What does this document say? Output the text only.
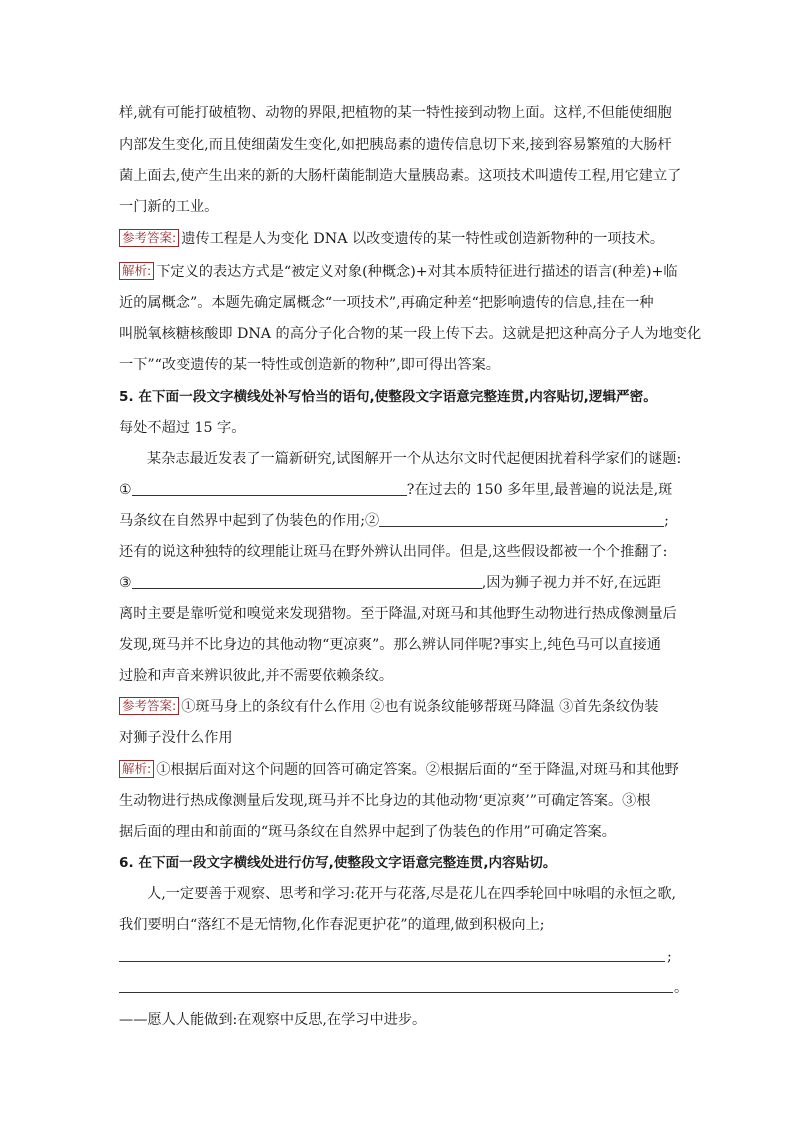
样,就有可能打破植物、动物的界限,把植物的某一特性接到动物上面。这样,不但能使细胞
内部发生变化,而且使细菌发生变化,如把胰岛素的遗传信息切下来,接到容易繁殖的大肠杆
菌上面去,使产生出来的新的大肠杆菌能制造大量胰岛素。这项技术叫遗传工程,用它建立了
一门新的工业。
参考答案: 遗传工程是人为变化 DNA 以改变遗传的某一特性或创造新物种的一项技术。
解析: 下定义的表达方式是“被定义对象(种概念)+对其本质特征进行描述的语言(种差)+临
近的属概念”。本题先确定属概念“一项技术”,再确定种差“把影响遗传的信息,挂在一种
叫脱氧核糖核酸即 DNA 的高分子化合物的某一段上传下去。这就是把这种高分子人为地变化
一下”“改变遗传的某一特性或创造新的物种”,即可得出答案。
5. 在下面一段文字横线处补写恰当的语句,使整段文字语意完整连贯,内容贴切,逻辑严密。
每处不超过 15 字。
某杂志最近发表了一篇新研究,试图解开一个从达尔文时代起便困扰着科学家们的谜题:
①	?在过去的 150 多年里,最普遍的说法是,斑
马条纹在自然界中起到了伪装色的作用;②	;
还有的说这种独特的纹理能让斑马在野外辨认出同伴。但是,这些假设都被一个个推翻了:
③	,因为狮子视力并不好,在远距
离时主要是靠听觉和嗅觉来发现猎物。至于降温,对斑马和其他野生动物进行热成像测量后
发现,斑马并不比身边的其他动物“更凉爽”。那么辨认同伴呢?事实上,纯色马可以直接通
过脸和声音来辨识彼此,并不需要依赖条纹。
参考答案: ①斑马身上的条纹有什么作用 ②也有说条纹能够帮斑马降温 ③首先条纹伪装
对狮子没什么作用
解析: ①根据后面对这个问题的回答可确定答案。②根据后面的“至于降温,对斑马和其他野
生动物进行热成像测量后发现,斑马并不比身边的其他动物‘更凉爽’”可确定答案。③根
据后面的理由和前面的“斑马条纹在自然界中起到了伪装色的作用”可确定答案。
6. 在下面一段文字横线处进行仿写,使整段文字语意完整连贯,内容贴切。
人,一定要善于观察、思考和学习:花开与花落,尽是花儿在四季轮回中咏唱的永恒之歌,
我们要明白“落红不是无情物,化作春泥更护花”的道理,做到积极向上;
;
。
——愿人人能做到:在观察中反思,在学习中进步。
